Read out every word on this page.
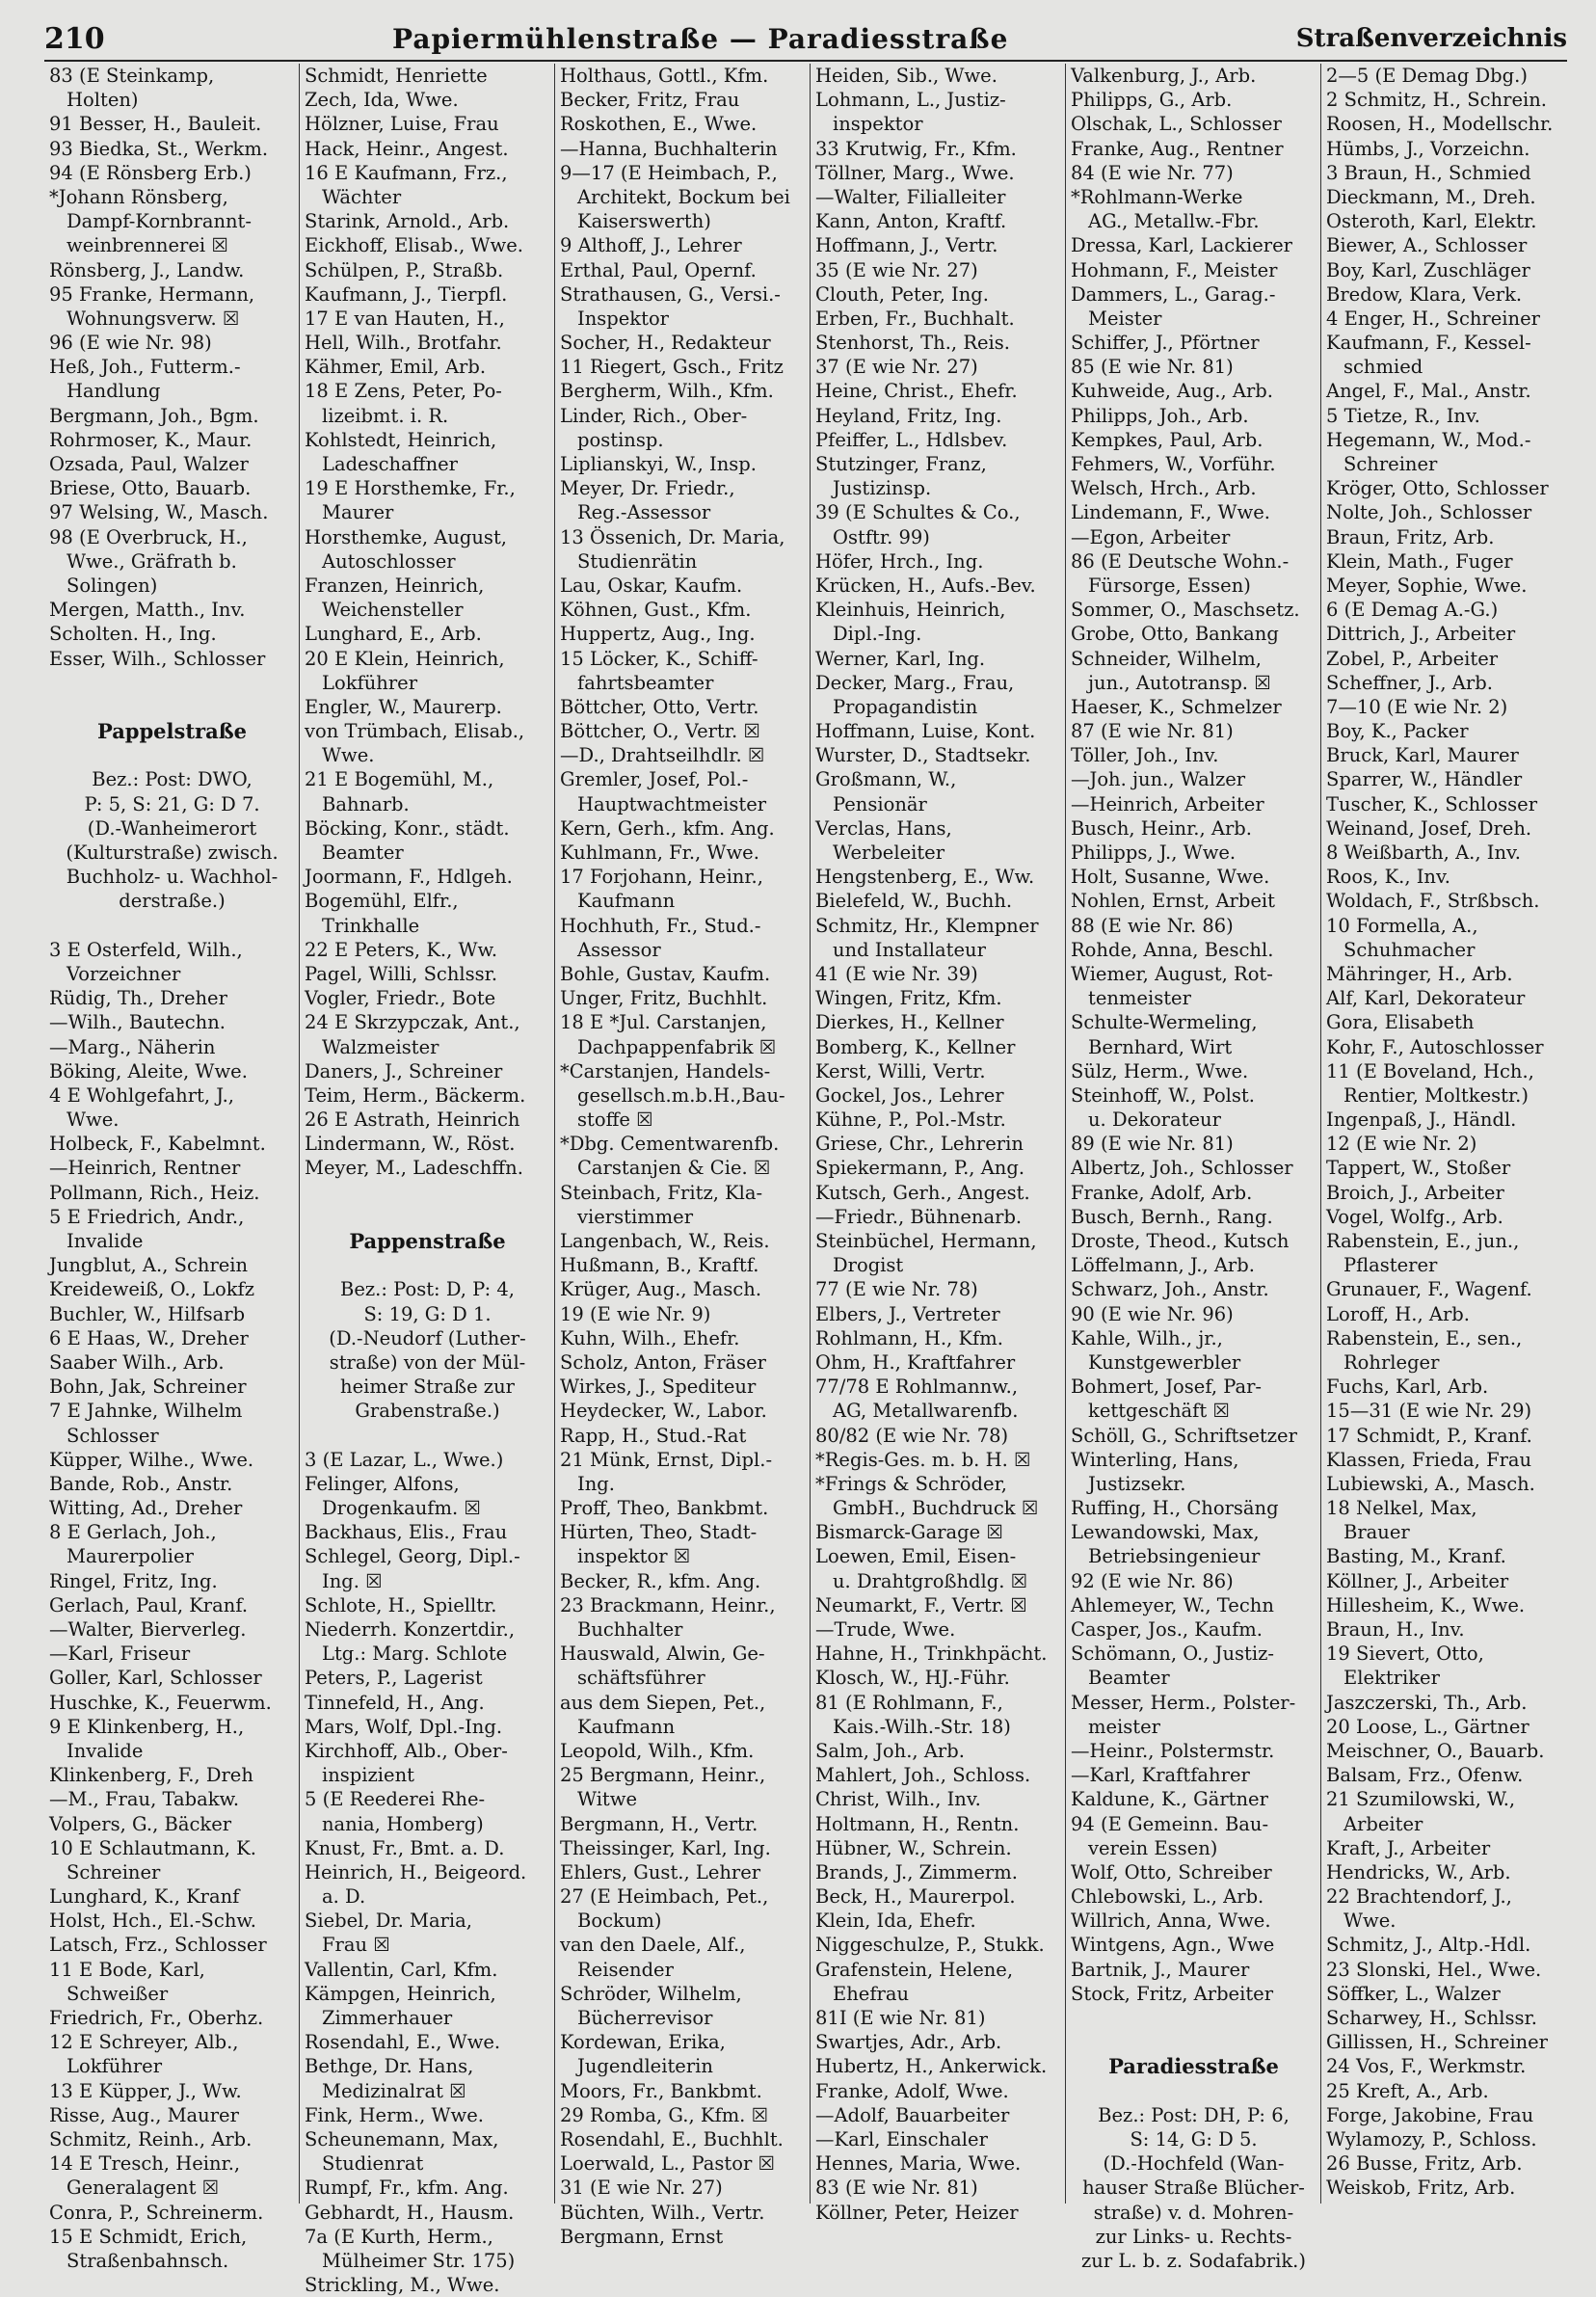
210	Papiermühlenstraße — Paradiesstraße	Straßenverzeichnis
83 (E Steinkamp,
Holten)
91 Besser, H., Bauleit.
93 Biedka, St., Werkm.
94 (E Rönsberg Erb.)
*Johann Rönsberg,
Dampf-Kornbrannt-
weinbrennerei ☒
Rönsberg, J., Landw.
95 Franke, Hermann,
Wohnungsverw. ☒
96 (E wie Nr. 98)
Heß, Joh., Futterm.-
Handlung
Bergmann, Joh., Bgm.
Rohrmoser, K., Maur.
Ozsada, Paul, Walzer
Briese, Otto, Bauarb.
97 Welsing, W., Masch.
98 (E Overbruck, H.,
Wwe., Gräfrath b.
Solingen)
Mergen, Matth., Inv.
Scholten. H., Ing.
Esser, Wilh., Schlosser
Pappelstraße
Bez.: Post: DWO,
P: 5, S: 21, G: D 7.
(D.-Wanheimerort
(Kulturstraße) zwisch.
Buchholz- u. Wachhol-
derstraße.)
3 E Osterfeld, Wilh.,
Vorzeichner
Rüdig, Th., Dreher
—Wilh., Bautechn.
—Marg., Näherin
Böking, Aleite, Wwe.
4 E Wohlgefahrt, J.,
Wwe.
Holbeck, F., Kabelmnt.
—Heinrich, Rentner
Pollmann, Rich., Heiz.
5 E Friedrich, Andr.,
Invalide
Jungblut, A., Schrein
Kreideweiß, O., Lokfz
Buchler, W., Hilfsarb
6 E Haas, W., Dreher
Saaber Wilh., Arb.
Bohn, Jak, Schreiner
7 E Jahnke, Wilhelm
Schlosser
Küpper, Wilhe., Wwe.
Bande, Rob., Anstr.
Witting, Ad., Dreher
8 E Gerlach, Joh.,
Maurerpolier
Ringel, Fritz, Ing.
Gerlach, Paul, Kranf.
—Walter, Bierverleg.
—Karl, Friseur
Goller, Karl, Schlosser
Huschke, K., Feuerwm.
9 E Klinkenberg, H.,
Invalide
Klinkenberg, F., Dreh
—M., Frau, Tabakw.
Volpers, G., Bäcker
10 E Schlautmann, K.
Schreiner
Lunghard, K., Kranf
Holst, Hch., El.-Schw.
Latsch, Frz., Schlosser
11 E Bode, Karl,
Schweißer
Friedrich, Fr., Oberhz.
12 E Schreyer, Alb.,
Lokführer
13 E Küpper, J., Ww.
Risse, Aug., Maurer
Schmitz, Reinh., Arb.
14 E Tresch, Heinr.,
Generalagent ☒
Conra, P., Schreinerm.
15 E Schmidt, Erich,
Straßenbahnsch.
Schmidt, Henriette
Zech, Ida, Wwe.
Hölzner, Luise, Frau
Hack, Heinr., Angest.
16 E Kaufmann, Frz.,
Wächter
Starink, Arnold., Arb.
Eickhoff, Elisab., Wwe.
Schülpen, P., Straßb.
Kaufmann, J., Tierpfl.
17 E van Hauten, H.,
Hell, Wilh., Brotfahr.
Kähmer, Emil, Arb.
18 E Zens, Peter, Po-
lizeibmt. i. R.
Kohlstedt, Heinrich,
Ladeschaffner
19 E Horsthemke, Fr.,
Maurer
Horsthemke, August,
Autoschlosser
Franzen, Heinrich,
Weichensteller
Lunghard, E., Arb.
20 E Klein, Heinrich,
Lokführer
Engler, W., Maurerp.
von Trümbach, Elisab.,
Wwe.
21 E Bogemühl, M.,
Bahnarb.
Böcking, Konr., städt.
Beamter
Joormann, F., Hdlgeh.
Bogemühl, Elfr.,
Trinkhalle
22 E Peters, K., Ww.
Pagel, Willi, Schlssr.
Vogler, Friedr., Bote
24 E Skrzypczak, Ant.,
Walzmeister
Daners, J., Schreiner
Teim, Herm., Bäckerm.
26 E Astrath, Heinrich
Lindermann, W., Röst.
Meyer, M., Ladeschffn.
Pappenstraße
Bez.: Post: D, P: 4,
S: 19, G: D 1.
(D.-Neudorf (Luther-
straße) von der Mül-
heimer Straße zur
Grabenstraße.)
3 (E Lazar, L., Wwe.)
Felinger, Alfons,
Drogenkaufm. ☒
Backhaus, Elis., Frau
Schlegel, Georg, Dipl.-
Ing. ☒
Schlote, H., Spielltr.
Niederrh. Konzertdir.,
Ltg.: Marg. Schlote
Peters, P., Lagerist
Tinnefeld, H., Ang.
Mars, Wolf, Dpl.-Ing.
Kirchhoff, Alb., Ober-
inspizient
5 (E Reederei Rhe-
nania, Homberg)
Knust, Fr., Bmt. a. D.
Heinrich, H., Beigeord.
a. D.
Siebel, Dr. Maria,
Frau ☒
Vallentin, Carl, Kfm.
Kämpgen, Heinrich,
Zimmerhauer
Rosendahl, E., Wwe.
Bethge, Dr. Hans,
Medizinalrat ☒
Fink, Herm., Wwe.
Scheunemann, Max,
Studienrat
Rumpf, Fr., kfm. Ang.
Gebhardt, H., Hausm.
7a (E Kurth, Herm.,
Mülheimer Str. 175)
Strickling, M., Wwe.
Holthaus, Gottl., Kfm.
Becker, Fritz, Frau
Roskothen, E., Wwe.
—Hanna, Buchhalterin
9—17 (E Heimbach, P.,
Architekt, Bockum bei
Kaiserswerth)
9 Althoff, J., Lehrer
Erthal, Paul, Opernf.
Strathausen, G., Versi.-
Inspektor
Socher, H., Redakteur
11 Riegert, Gsch., Fritz
Bergherm, Wilh., Kfm.
Linder, Rich., Ober-
postinsp.
Liplianskyi, W., Insp.
Meyer, Dr. Friedr.,
Reg.-Assessor
13 Össenich, Dr. Maria,
Studienrätin
Lau, Oskar, Kaufm.
Köhnen, Gust., Kfm.
Huppertz, Aug., Ing.
15 Löcker, K., Schiff-
fahrtsbeamter
Böttcher, Otto, Vertr.
Böttcher, O., Vertr. ☒
—D., Drahtseilhdlr. ☒
Gremler, Josef, Pol.-
Hauptwachtmeister
Kern, Gerh., kfm. Ang.
Kuhlmann, Fr., Wwe.
17 Forjohann, Heinr.,
Kaufmann
Hochhuth, Fr., Stud.-
Assessor
Bohle, Gustav, Kaufm.
Unger, Fritz, Buchhlt.
18 E *Jul. Carstanjen,
Dachpappenfabrik ☒
*Carstanjen, Handels-
gesellsch.m.b.H.,Bau-
stoffe ☒
*Dbg. Cementwarenfb.
Carstanjen & Cie. ☒
Steinbach, Fritz, Kla-
vierstimmer
Langenbach, W., Reis.
Hußmann, B., Kraftf.
Krüger, Aug., Masch.
19 (E wie Nr. 9)
Kuhn, Wilh., Ehefr.
Scholz, Anton, Fräser
Wirkes, J., Spediteur
Heydecker, W., Labor.
Rapp, H., Stud.-Rat
21 Münk, Ernst, Dipl.-
Ing.
Proff, Theo, Bankbmt.
Hürten, Theo, Stadt-
inspektor ☒
Becker, R., kfm. Ang.
23 Brackmann, Heinr.,
Buchhalter
Hauswald, Alwin, Ge-
schäftsführer
aus dem Siepen, Pet.,
Kaufmann
Leopold, Wilh., Kfm.
25 Bergmann, Heinr.,
Witwe
Bergmann, H., Vertr.
Theissinger, Karl, Ing.
Ehlers, Gust., Lehrer
27 (E Heimbach, Pet.,
Bockum)
van den Daele, Alf.,
Reisender
Schröder, Wilhelm,
Bücherrevisor
Kordewan, Erika,
Jugendleiterin
Moors, Fr., Bankbmt.
29 Romba, G., Kfm. ☒
Rosendahl, E., Buchhlt.
Loerwald, L., Pastor ☒
31 (E wie Nr. 27)
Büchten, Wilh., Vertr.
Bergmann, Ernst
Heiden, Sib., Wwe.
Lohmann, L., Justiz-
inspektor
33 Krutwig, Fr., Kfm.
Töllner, Marg., Wwe.
—Walter, Filialleiter
Kann, Anton, Kraftf.
Hoffmann, J., Vertr.
35 (E wie Nr. 27)
Clouth, Peter, Ing.
Erben, Fr., Buchhalt.
Stenhorst, Th., Reis.
37 (E wie Nr. 27)
Heine, Christ., Ehefr.
Heyland, Fritz, Ing.
Pfeiffer, L., Hdlsbev.
Stutzinger, Franz,
Justizinsp.
39 (E Schultes & Co.,
Ostftr. 99)
Höfer, Hrch., Ing.
Krücken, H., Aufs.-Bev.
Kleinhuis, Heinrich,
Dipl.-Ing.
Werner, Karl, Ing.
Decker, Marg., Frau,
Propagandistin
Hoffmann, Luise, Kont.
Wurster, D., Stadtsekr.
Großmann, W.,
Pensionär
Verclas, Hans,
Werbeleiter
Hengstenberg, E., Ww.
Bielefeld, W., Buchh.
Schmitz, Hr., Klempner
und Installateur
41 (E wie Nr. 39)
Wingen, Fritz, Kfm.
Dierkes, H., Kellner
Bomberg, K., Kellner
Kerst, Willi, Vertr.
Gockel, Jos., Lehrer
Kühne, P., Pol.-Mstr.
Griese, Chr., Lehrerin
Spiekermann, P., Ang.
Kutsch, Gerh., Angest.
—Friedr., Bühnenarb.
Steinbüchel, Hermann,
Drogist
77 (E wie Nr. 78)
Elbers, J., Vertreter
Rohlmann, H., Kfm.
Ohm, H., Kraftfahrer
77/78 E Rohlmannw.,
AG, Metallwarenfb.
80/82 (E wie Nr. 78)
*Regis-Ges. m. b. H. ☒
*Frings & Schröder,
GmbH., Buchdruck ☒
Bismarck-Garage ☒
Loewen, Emil, Eisen-
u. Drahtgroßhdlg. ☒
Neumarkt, F., Vertr. ☒
—Trude, Wwe.
Hahne, H., Trinkhpächt.
Klosch, W., HJ.-Führ.
81 (E Rohlmann, F.,
Kais.-Wilh.-Str. 18)
Salm, Joh., Arb.
Mahlert, Joh., Schloss.
Christ, Wilh., Inv.
Holtmann, H., Rentn.
Hübner, W., Schrein.
Brands, J., Zimmerm.
Beck, H., Maurerpol.
Klein, Ida, Ehefr.
Niggeschulze, P., Stukk.
Grafenstein, Helene,
Ehefrau
81I (E wie Nr. 81)
Swartjes, Adr., Arb.
Hubertz, H., Ankerwick.
Franke, Adolf, Wwe.
—Adolf, Bauarbeiter
—Karl, Einschaler
Hennes, Maria, Wwe.
83 (E wie Nr. 81)
Köllner, Peter, Heizer
Valkenburg, J., Arb.
Philipps, G., Arb.
Olschak, L., Schlosser
Franke, Aug., Rentner
84 (E wie Nr. 77)
*Rohlmann-Werke
AG., Metallw.-Fbr.
Dressa, Karl, Lackierer
Hohmann, F., Meister
Dammers, L., Garag.-
Meister
Schiffer, J., Pförtner
85 (E wie Nr. 81)
Kuhweide, Aug., Arb.
Philipps, Joh., Arb.
Kempkes, Paul, Arb.
Fehmers, W., Vorführ.
Welsch, Hrch., Arb.
Lindemann, F., Wwe.
—Egon, Arbeiter
86 (E Deutsche Wohn.-
Fürsorge, Essen)
Sommer, O., Maschsetz.
Grobe, Otto, Bankang
Schneider, Wilhelm,
jun., Autotransp. ☒
Haeser, K., Schmelzer
87 (E wie Nr. 81)
Töller, Joh., Inv.
—Joh. jun., Walzer
—Heinrich, Arbeiter
Busch, Heinr., Arb.
Philipps, J., Wwe.
Holt, Susanne, Wwe.
Nohlen, Ernst, Arbeit
88 (E wie Nr. 86)
Rohde, Anna, Beschl.
Wiemer, August, Rot-
tenmeister
Schulte-Wermeling,
Bernhard, Wirt
Sülz, Herm., Wwe.
Steinhoff, W., Polst.
u. Dekorateur
89 (E wie Nr. 81)
Albertz, Joh., Schlosser
Franke, Adolf, Arb.
Busch, Bernh., Rang.
Droste, Theod., Kutsch
Löffelmann, J., Arb.
Schwarz, Joh., Anstr.
90 (E wie Nr. 96)
Kahle, Wilh., jr.,
Kunstgewerbler
Bohmert, Josef, Par-
kettgeschäft ☒
Schöll, G., Schriftsetzer
Winterling, Hans,
Justizsekr.
Ruffing, H., Chorsäng
Lewandowski, Max,
Betriebsingenieur
92 (E wie Nr. 86)
Ahlemeyer, W., Techn
Casper, Jos., Kaufm.
Schömann, O., Justiz-
Beamter
Messer, Herm., Polster-
meister
—Heinr., Polstermstr.
—Karl, Kraftfahrer
Kaldune, K., Gärtner
94 (E Gemeinn. Bau-
verein Essen)
Wolf, Otto, Schreiber
Chlebowski, L., Arb.
Willrich, Anna, Wwe.
Wintgens, Agn., Wwe
Bartnik, J., Maurer
Stock, Fritz, Arbeiter
Paradiesstraße
Bez.: Post: DH, P: 6,
S: 14, G: D 5.
(D.-Hochfeld (Wan-
hauser Straße Blücher-
straße) v. d. Mohren-
zur Links- u. Rechts-
zur L. b. z. Sodafabrik.)
2—5 (E Demag Dbg.)
2 Schmitz, H., Schrein.
Roosen, H., Modellschr.
Hümbs, J., Vorzeichn.
3 Braun, H., Schmied
Dieckmann, M., Dreh.
Osteroth, Karl, Elektr.
Biewer, A., Schlosser
Boy, Karl, Zuschläger
Bredow, Klara, Verk.
4 Enger, H., Schreiner
Kaufmann, F., Kessel-
schmied
Angel, F., Mal., Anstr.
5 Tietze, R., Inv.
Hegemann, W., Mod.-
Schreiner
Kröger, Otto, Schlosser
Nolte, Joh., Schlosser
Braun, Fritz, Arb.
Klein, Math., Fuger
Meyer, Sophie, Wwe.
6 (E Demag A.-G.)
Dittrich, J., Arbeiter
Zobel, P., Arbeiter
Scheffner, J., Arb.
7—10 (E wie Nr. 2)
Boy, K., Packer
Bruck, Karl, Maurer
Sparrer, W., Händler
Tuscher, K., Schlosser
Weinand, Josef, Dreh.
8 Weißbarth, A., Inv.
Roos, K., Inv.
Woldach, F., Strßbsch.
10 Formella, A.,
Schuhmacher
Mähringer, H., Arb.
Alf, Karl, Dekorateur
Gora, Elisabeth
Kohr, F., Autoschlosser
11 (E Boveland, Hch.,
Rentier, Moltkestr.)
Ingenpaß, J., Händl.
12 (E wie Nr. 2)
Tappert, W., Stoßer
Broich, J., Arbeiter
Vogel, Wolfg., Arb.
Rabenstein, E., jun.,
Pflasterer
Grunauer, F., Wagenf.
Loroff, H., Arb.
Rabenstein, E., sen.,
Rohrleger
Fuchs, Karl, Arb.
15—31 (E wie Nr. 29)
17 Schmidt, P., Kranf.
Klassen, Frieda, Frau
Lubiewski, A., Masch.
18 Nelkel, Max,
Brauer
Basting, M., Kranf.
Köllner, J., Arbeiter
Hillesheim, K., Wwe.
Braun, H., Inv.
19 Sievert, Otto,
Elektriker
Jaszczerski, Th., Arb.
20 Loose, L., Gärtner
Meischner, O., Bauarb.
Balsam, Frz., Ofenw.
21 Szumilowski, W.,
Arbeiter
Kraft, J., Arbeiter
Hendricks, W., Arb.
22 Brachtendorf, J.,
Wwe.
Schmitz, J., Altp.-Hdl.
23 Slonski, Hel., Wwe.
Söffker, L., Walzer
Scharwey, H., Schlssr.
Gillissen, H., Schreiner
24 Vos, F., Werkmstr.
25 Kreft, A., Arb.
Forge, Jakobine, Frau
Wylamozy, P., Schloss.
26 Busse, Fritz, Arb.
Weiskob, Fritz, Arb.
